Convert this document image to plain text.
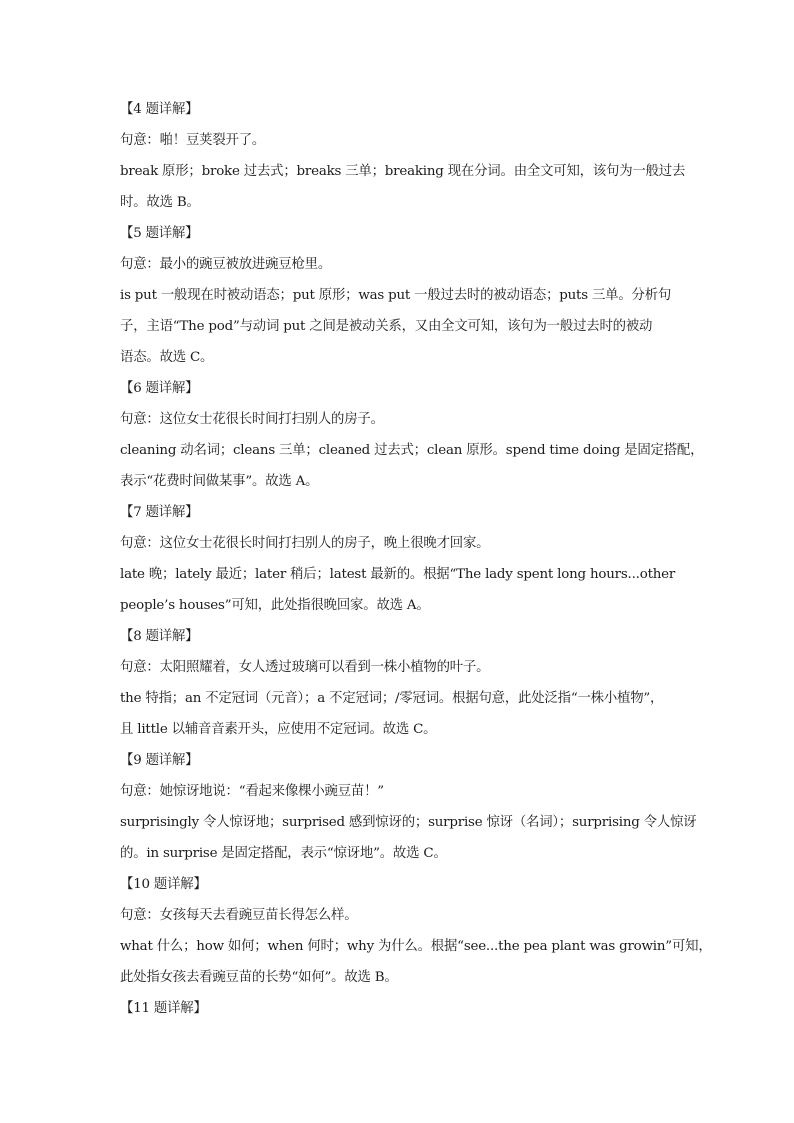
【4 题详解】
句意：啪！豆荚裂开了。
break 原形；broke 过去式；breaks 三单；breaking 现在分词。由全文可知，该句为一般过去
时。故选 B。
【5 题详解】
句意：最小的豌豆被放进豌豆枪里。
is put 一般现在时被动语态；put 原形；was put 一般过去时的被动语态；puts 三单。分析句
子，主语“The pod”与动词 put 之间是被动关系，又由全文可知，该句为一般过去时的被动
语态。故选 C。
【6 题详解】
句意：这位女士花很长时间打扫别人的房子。
cleaning 动名词；cleans 三单；cleaned 过去式；clean 原形。spend time doing 是固定搭配，
表示“花费时间做某事”。故选 A。
【7 题详解】
句意：这位女士花很长时间打扫别人的房子，晚上很晚才回家。
late 晚；lately 最近；later 稍后；latest 最新的。根据“The lady spent long hours...other
people’s houses”可知，此处指很晚回家。故选 A。
【8 题详解】
句意：太阳照耀着，女人透过玻璃可以看到一株小植物的叶子。
the 特指；an 不定冠词（元音）；a 不定冠词；/零冠词。根据句意，此处泛指“一株小植物”，
且 little 以辅音音素开头，应使用不定冠词。故选 C。
【9 题详解】
句意：她惊讶地说：“看起来像棵小豌豆苗！”
surprisingly 令人惊讶地；surprised 感到惊讶的；surprise 惊讶（名词）；surprising 令人惊讶
的。in surprise 是固定搭配，表示“惊讶地”。故选 C。
【10 题详解】
句意：女孩每天去看豌豆苗长得怎么样。
what 什么；how 如何；when 何时；why 为什么。根据“see...the pea plant was growin”可知，
此处指女孩去看豌豆苗的长势“如何”。故选 B。
【11 题详解】
